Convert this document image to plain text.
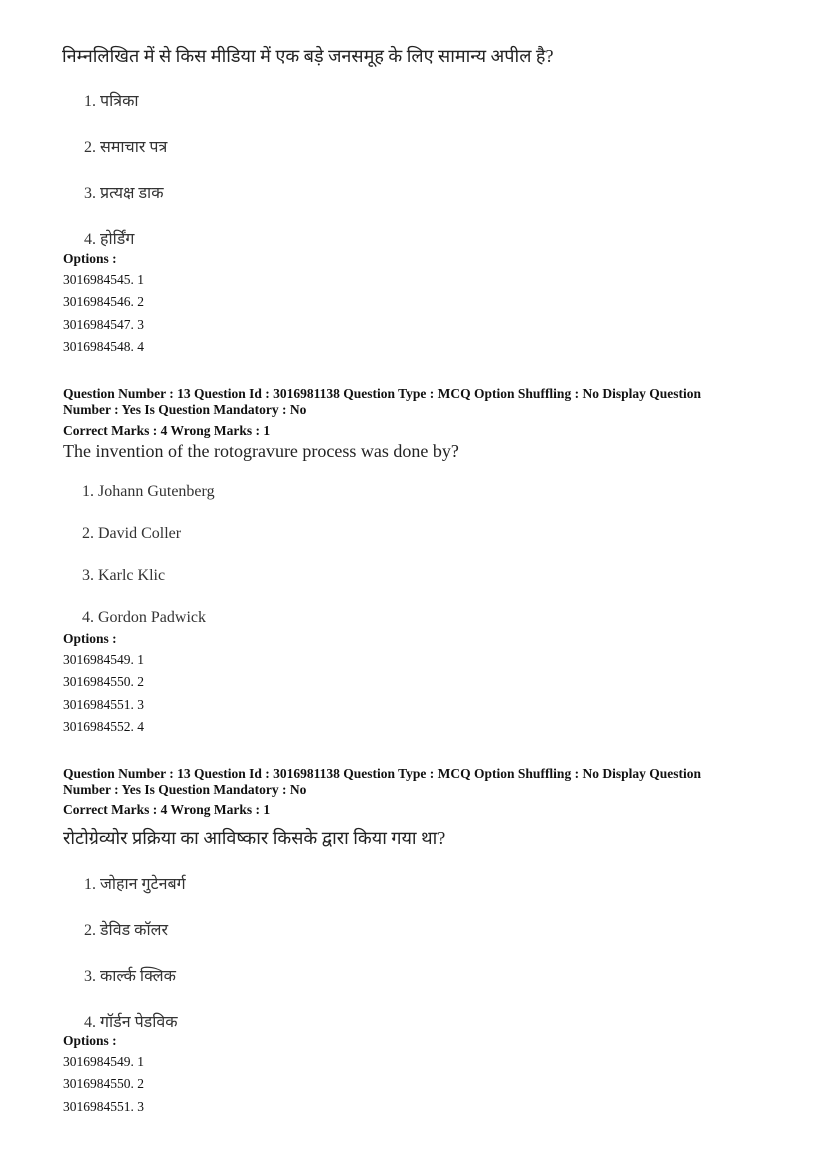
निम्नलिखित में से किस मीडिया में एक बड़े जनसमूह के लिए सामान्य अपील है?
1. पत्रिका
2. समाचार पत्र
3. प्रत्यक्ष डाक
4. होर्डिंग
Options :
3016984545. 1
3016984546. 2
3016984547. 3
3016984548. 4
Question Number : 13 Question Id : 3016981138 Question Type : MCQ Option Shuffling : No Display Question
Number : Yes Is Question Mandatory : No
Correct Marks : 4 Wrong Marks : 1
The invention of the rotogravure process was done by?
1. Johann Gutenberg
2. David Coller
3. Karlc Klic
4. Gordon Padwick
Options :
3016984549. 1
3016984550. 2
3016984551. 3
3016984552. 4
Question Number : 13 Question Id : 3016981138 Question Type : MCQ Option Shuffling : No Display Question
Number : Yes Is Question Mandatory : No
Correct Marks : 4 Wrong Marks : 1
रोटोग्रेव्योर प्रक्रिया का आविष्कार किसके द्वारा किया गया था?
1. जोहान गुटेनबर्ग
2. डेविड कॉलर
3. कार्ल्क क्लिक
4. गॉर्डन पेडविक
Options :
3016984549. 1
3016984550. 2
3016984551. 3
